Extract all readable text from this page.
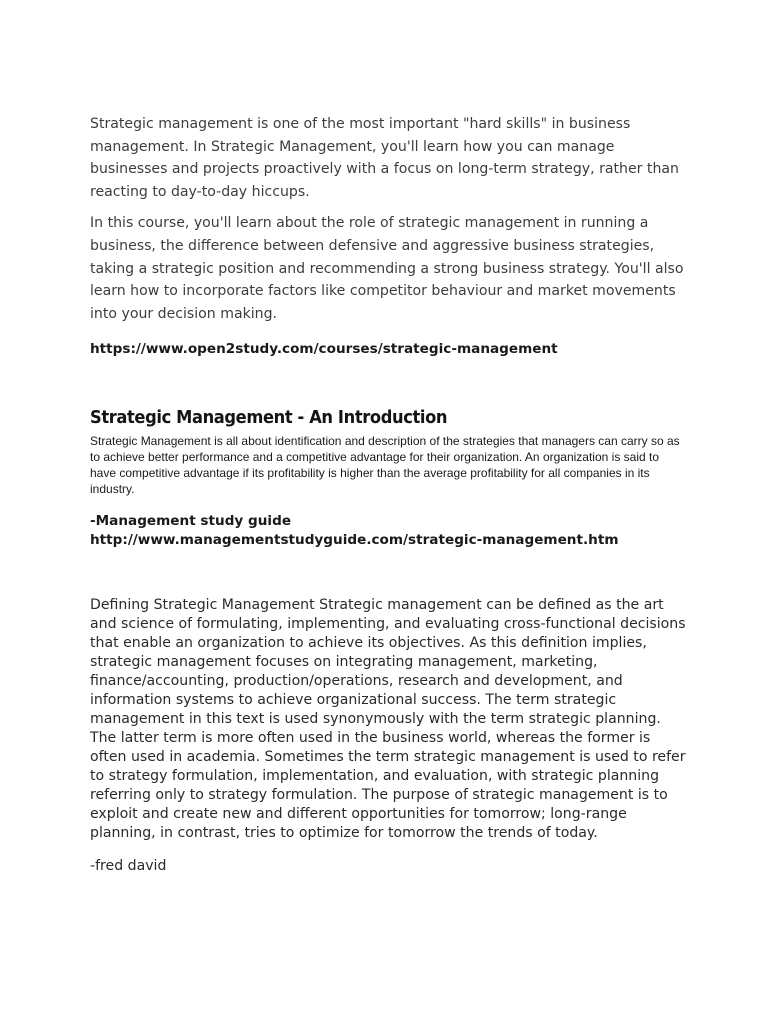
Strategic management is one of the most important "hard skills" in business management. In Strategic Management, you'll learn how you can manage businesses and projects proactively with a focus on long-term strategy, rather than reacting to day-to-day hiccups.

In this course, you'll learn about the role of strategic management in running a business, the difference between defensive and aggressive business strategies, taking a strategic position and recommending a strong business strategy. You'll also learn how to incorporate factors like competitor behaviour and market movements into your decision making.

https://www.open2study.com/courses/strategic-management
Strategic Management - An Introduction
Strategic Management is all about identification and description of the strategies that managers can carry so as to achieve better performance and a competitive advantage for their organization. An organization is said to have competitive advantage if its profitability is higher than the average profitability for all companies in its industry.
-Management study guide
http://www.managementstudyguide.com/strategic-management.htm

Defining Strategic Management Strategic management can be defined as the art and science of formulating, implementing, and evaluating cross-functional decisions that enable an organization to achieve its objectives. As this definition implies, strategic management focuses on integrating management, marketing, finance/accounting, production/operations, research and development, and information systems to achieve organizational success. The term strategic management in this text is used synonymously with the term strategic planning. The latter term is more often used in the business world, whereas the former is often used in academia. Sometimes the term strategic management is used to refer to strategy formulation, implementation, and evaluation, with strategic planning referring only to strategy formulation. The purpose of strategic management is to exploit and create new and different opportunities for tomorrow; long-range planning, in contrast, tries to optimize for tomorrow the trends of today.

-fred david
